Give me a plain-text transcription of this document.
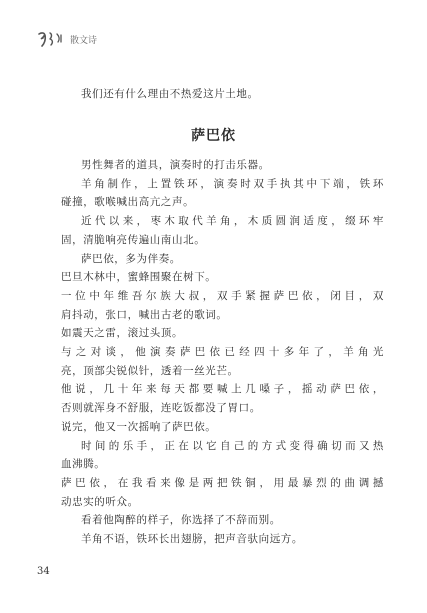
散文诗
我们还有什么理由不热爱这片土地。
萨巴依
男性舞者的道具，演奏时的打击乐器。
羊角制作，上置铁环，演奏时双手执其中下端，铁环
碰撞，歌喉喊出高亢之声。
近代以来，枣木取代羊角，木质圆润适度，缀环牢
固，清脆响亮传遍山南山北。
萨巴依，多为伴奏。
巴旦木林中，蜜蜂围聚在树下。
一位中年维吾尔族大叔，双手紧握萨巴依，闭目，双
肩抖动，张口，喊出古老的歌词。
如震天之雷，滚过头顶。
与之对谈，他演奏萨巴依已经四十多年了，羊角光
亮，顶部尖锐似针，透着一丝光芒。
他说，几十年来每天都要喊上几嗓子，摇动萨巴依，
否则就浑身不舒服，连吃饭都没了胃口。
说完，他又一次摇响了萨巴依。
时间的乐手，正在以它自己的方式变得确切而又热
血沸腾。
萨巴依，在我看来像是两把铁铜，用最暴烈的曲调撼
动忠实的听众。
看着他陶醉的样子，你选择了不辞而别。
羊角不语，铁环长出翅膀，把声音驮向远方。
34
